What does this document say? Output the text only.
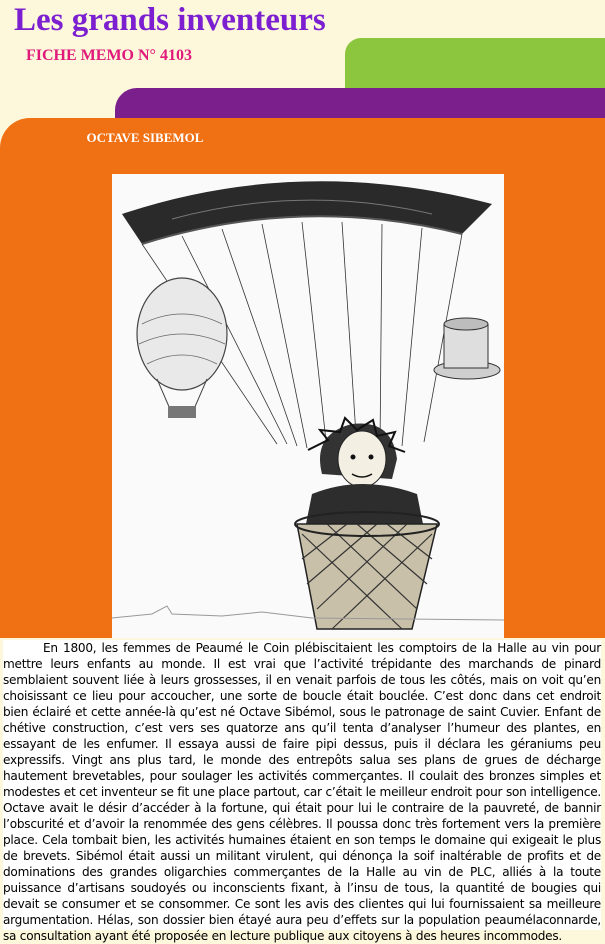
Les grands inventeurs
FICHE MEMO N° 4103
OCTAVE SIBEMOL

En 1800, les femmes de Peaumé le Coin plébiscitaient les comptoirs de la Halle au vin pour mettre leurs enfants au monde. Il est vrai que l’activité trépidante des marchands de pinard semblaient souvent liée à leurs grossesses, il en venait parfois de tous les côtés, mais on voit qu’en choisissant ce lieu pour accoucher, une sorte de boucle était bouclée. C’est donc dans cet endroit bien éclairé et cette année-là qu’est né Octave Sibémol, sous le patronage de saint Cuvier. Enfant de chétive construction, c’est vers ses quatorze ans qu’il tenta d’analyser l’humeur des plantes, en essayant de les enfumer. Il essaya aussi de faire pipi dessus, puis il déclara les géraniums peu expressifs. Vingt ans plus tard, le monde des entrepôts salua ses plans de grues de décharge hautement brevetables, pour soulager les activités commerçantes. Il coulait des bronzes simples et modestes et cet inventeur se fit une place partout, car c’était le meilleur endroit pour son intelligence. Octave avait le désir d’accéder à la fortune, qui était pour lui le contraire de la pauvreté, de bannir l’obscurité et d’avoir la renommée des gens célèbres. Il poussa donc très fortement vers la première place. Cela tombait bien, les activités humaines étaient en son temps le domaine qui exigeait le plus de brevets. Sibémol était aussi un militant virulent, qui dénonça la soif inaltérable de profits et de dominations des grandes oligarchies commerçantes de la Halle au vin de PLC, alliés à la toute puissance d’artisans soudoyés ou inconscients fixant, à l’insu de tous, la quantité de bougies qui devait se consumer et se consommer. Ce sont les avis des clientes qui lui fournissaient sa meilleure argumentation. Hélas, son dossier bien étayé aura peu d’effets sur la population peaumélaconnarde, sa consultation ayant été proposée en lecture publique aux citoyens à des heures incommodes.
